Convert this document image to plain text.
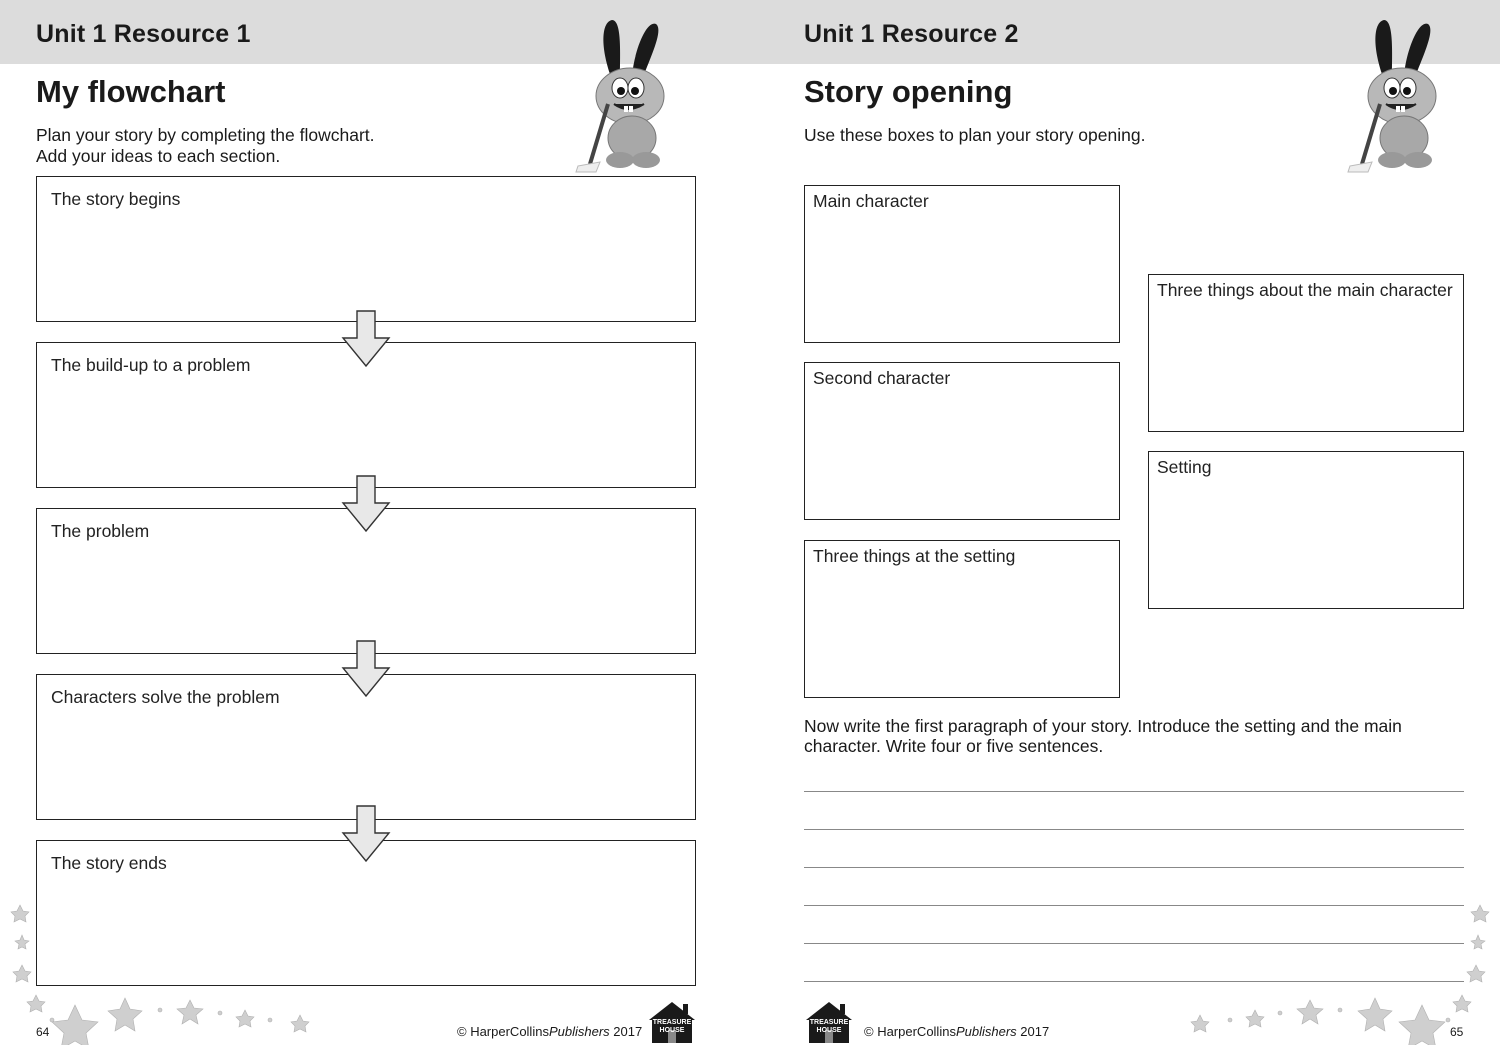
Unit 1 Resource 1
My flowchart
Plan your story by completing the flowchart.
Add your ideas to each section.
The story begins
The build-up to a problem
The problem
Characters solve the problem
The story ends
64	© HarperCollinsPublishers 2017
TREASURE
HOUSE
Unit 1 Resource 2
Story opening
Use these boxes to plan your story opening.
Main character
Second character
Three things at the setting
Three things about the main character
Setting
Now write the first paragraph of your story. Introduce the setting and the main character. Write four or five sentences.
TREASURE
HOUSE	© HarperCollinsPublishers 2017	65
